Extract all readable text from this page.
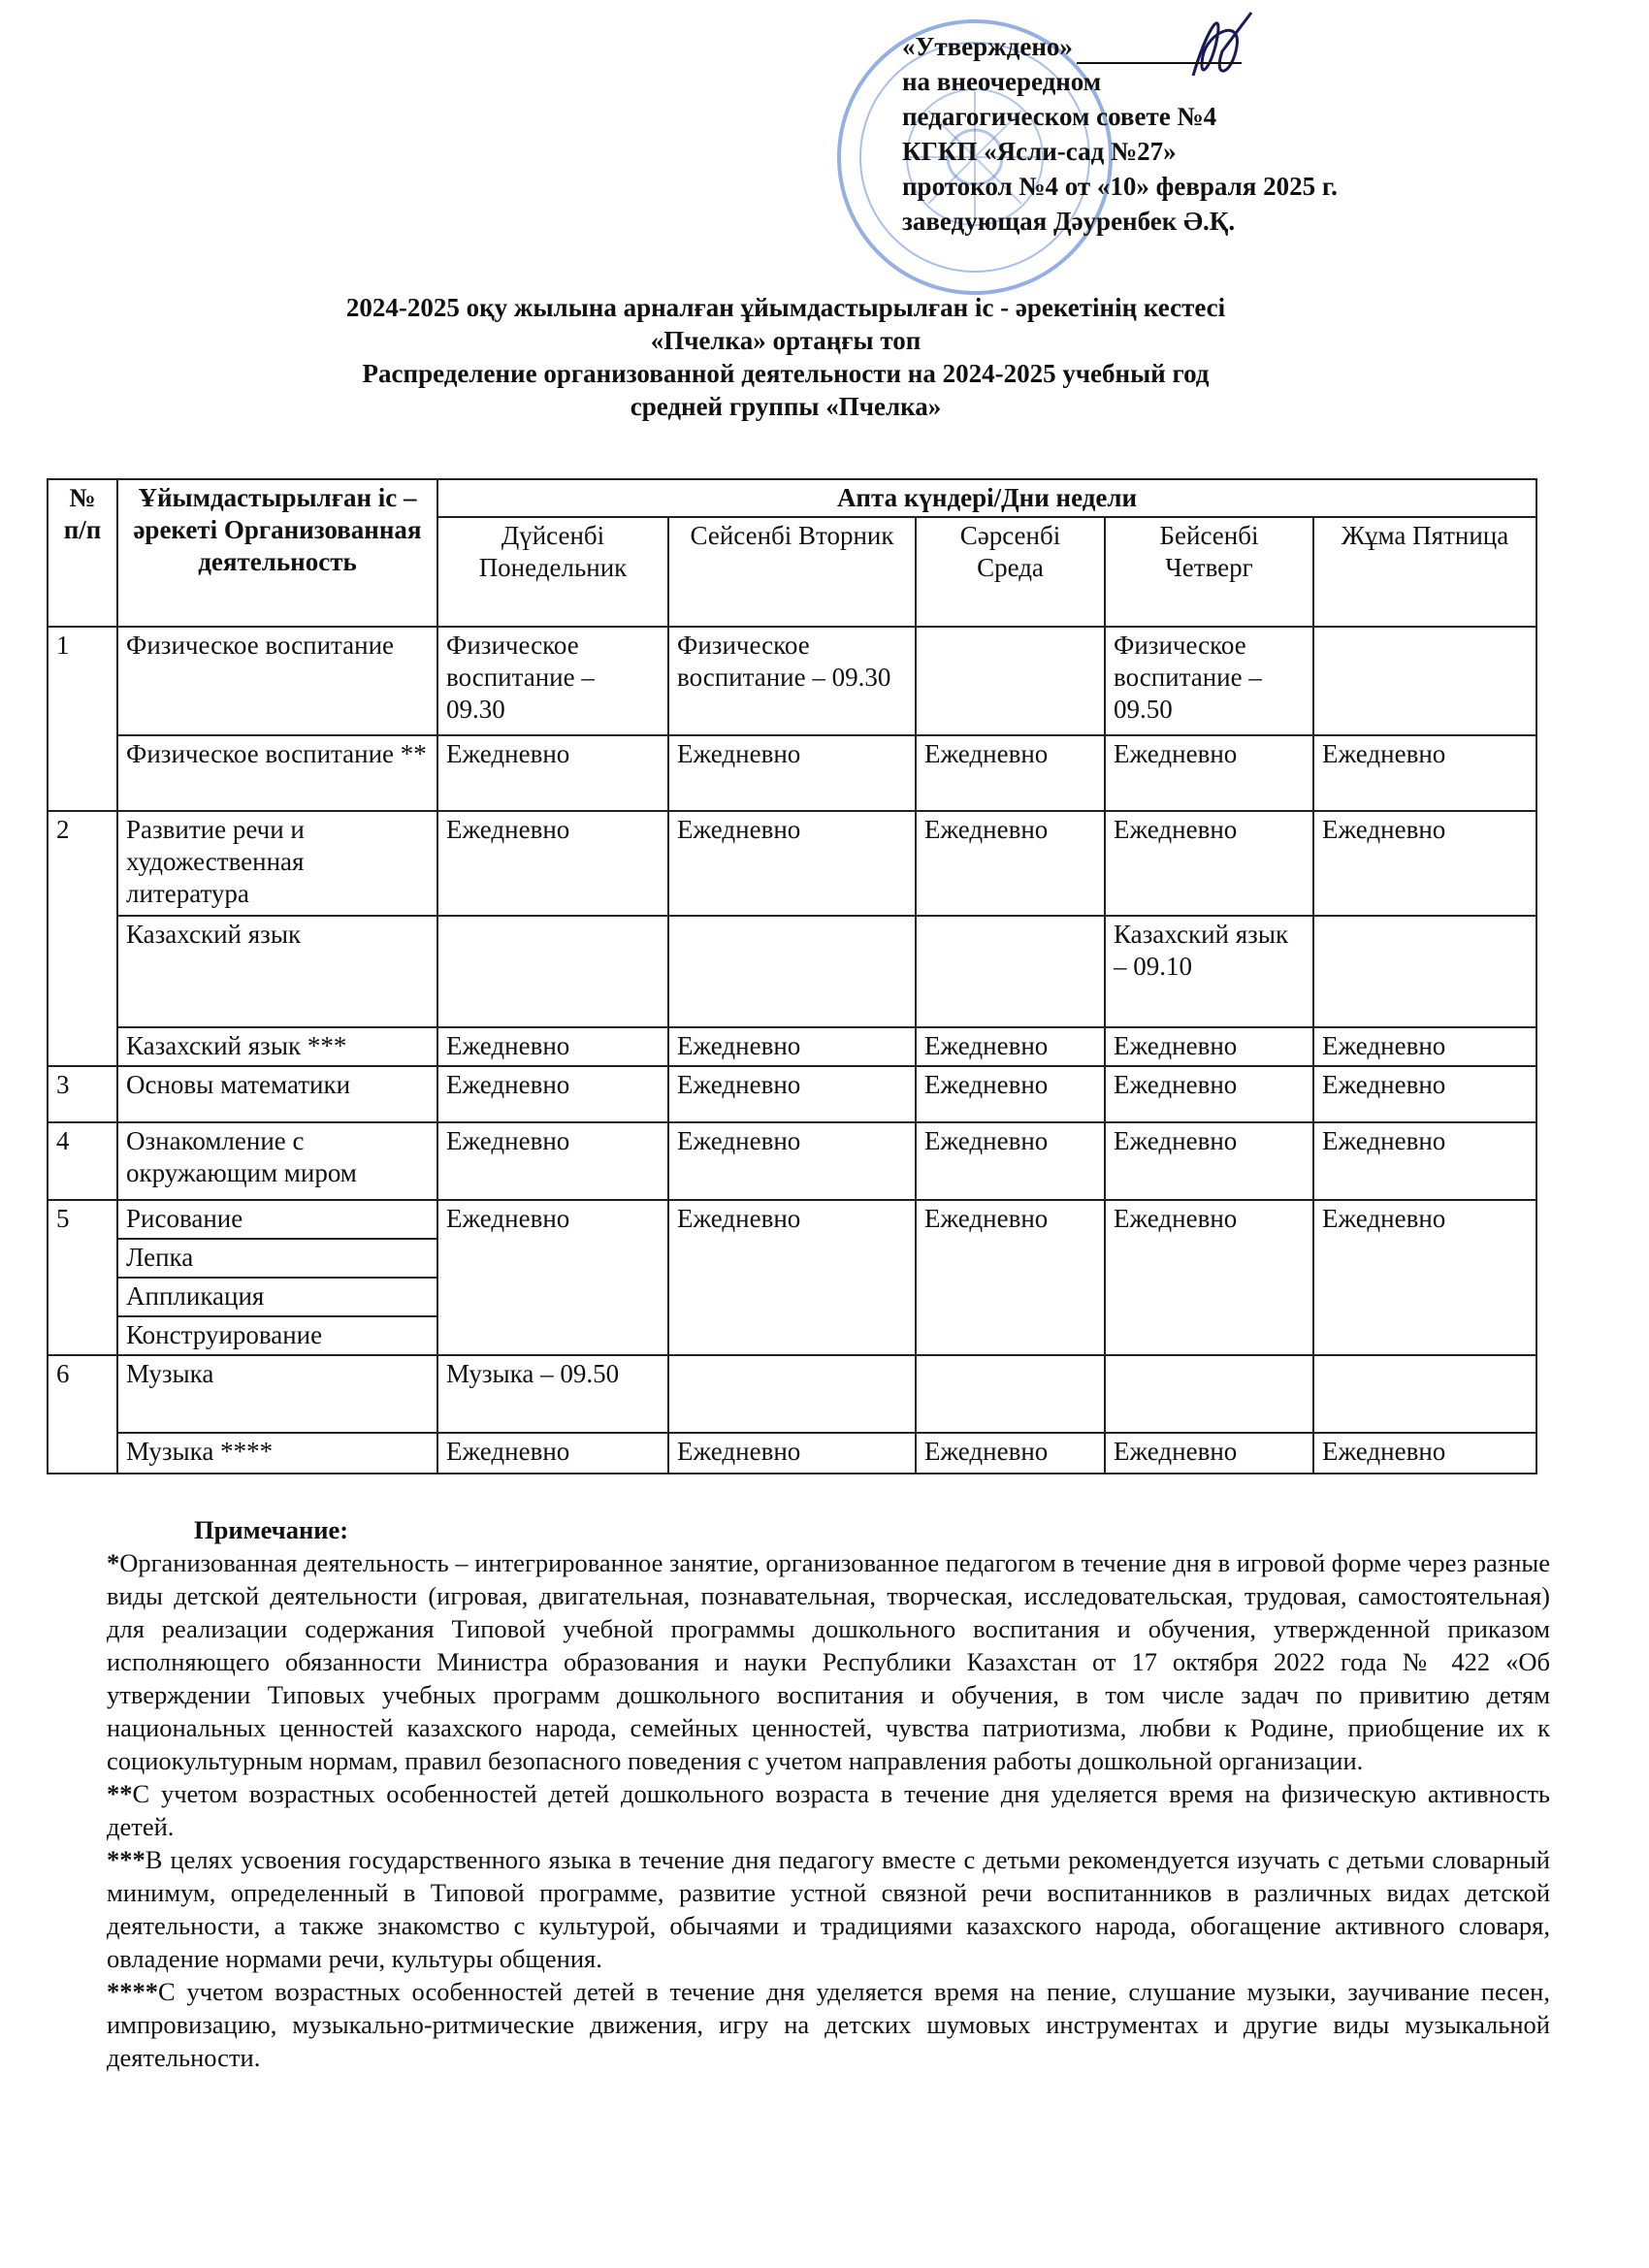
«Утверждено»
на внеочередном
педагогическом совете №4
КГКП «Ясли-сад №27»
протокол №4 от «10» февраля 2025 г.
заведующая Дәуренбек Ә.Қ.
2024-2025 оқу жылына арналған ұйымдастырылған іс - әрекетінің кестесі
«Пчелка» ортаңғы топ
Распределение организованной деятельности на 2024-2025 учебный год
средней группы «Пчелка»
№ п/п	Ұйымдастырылған іс – әрекеті Организованная деятельность	Апта күндері/Дни недели				
		Дүйсенбі Понедельник	Сейсенбі Вторник	Сәрсенбі Среда	Бейсенбі Четверг	Жұма Пятница
1	Физическое воспитание	Физическое воспитание – 09.30	Физическое воспитание – 09.30		Физическое воспитание – 09.50	
	Физическое воспитание **	Ежедневно	Ежедневно	Ежедневно	Ежедневно	Ежедневно
2	Развитие речи и художественная литература	Ежедневно	Ежедневно	Ежедневно	Ежедневно	Ежедневно
	Казахский язык				Казахский язык – 09.10	
	Казахский язык ***	Ежедневно	Ежедневно	Ежедневно	Ежедневно	Ежедневно
3	Основы математики	Ежедневно	Ежедневно	Ежедневно	Ежедневно	Ежедневно
4	Ознакомление с окружающим миром	Ежедневно	Ежедневно	Ежедневно	Ежедневно	Ежедневно
5	Рисование	Ежедневно	Ежедневно	Ежедневно	Ежедневно	Ежедневно
	Лепка					
	Аппликация					
	Конструирование					
6	Музыка	Музыка – 09.50				
	Музыка ****	Ежедневно	Ежедневно	Ежедневно	Ежедневно	Ежедневно
Примечание:

*Организованная деятельность – интегрированное занятие, организованное педагогом в течение дня в игровой форме через разные виды детской деятельности (игровая, двигательная, познавательная, творческая, исследовательская, трудовая, самостоятельная) для реализации содержания Типовой учебной программы дошкольного воспитания и обучения, утвержденной приказом исполняющего обязанности Министра образования и науки Республики Казахстан от 17 октября 2022 года № 422 «Об утверждении Типовых учебных программ дошкольного воспитания и обучения, в том числе задач по привитию детям национальных ценностей казахского народа, семейных ценностей, чувства патриотизма, любви к Родине, приобщение их к социокультурным нормам, правил безопасного поведения с учетом направления работы дошкольной организации.

**С учетом возрастных особенностей детей дошкольного возраста в течение дня уделяется время на физическую активность детей.

***В целях усвоения государственного языка в течение дня педагогу вместе с детьми рекомендуется изучать с детьми словарный минимум, определенный в Типовой программе, развитие устной связной речи воспитанников в различных видах детской деятельности, а также знакомство с культурой, обычаями и традициями казахского народа, обогащение активного словаря, овладение нормами речи, культуры общения.

****С учетом возрастных особенностей детей в течение дня уделяется время на пение, слушание музыки, заучивание песен, импровизацию, музыкально-ритмические движения, игру на детских шумовых инструментах и другие виды музыкальной деятельности.
